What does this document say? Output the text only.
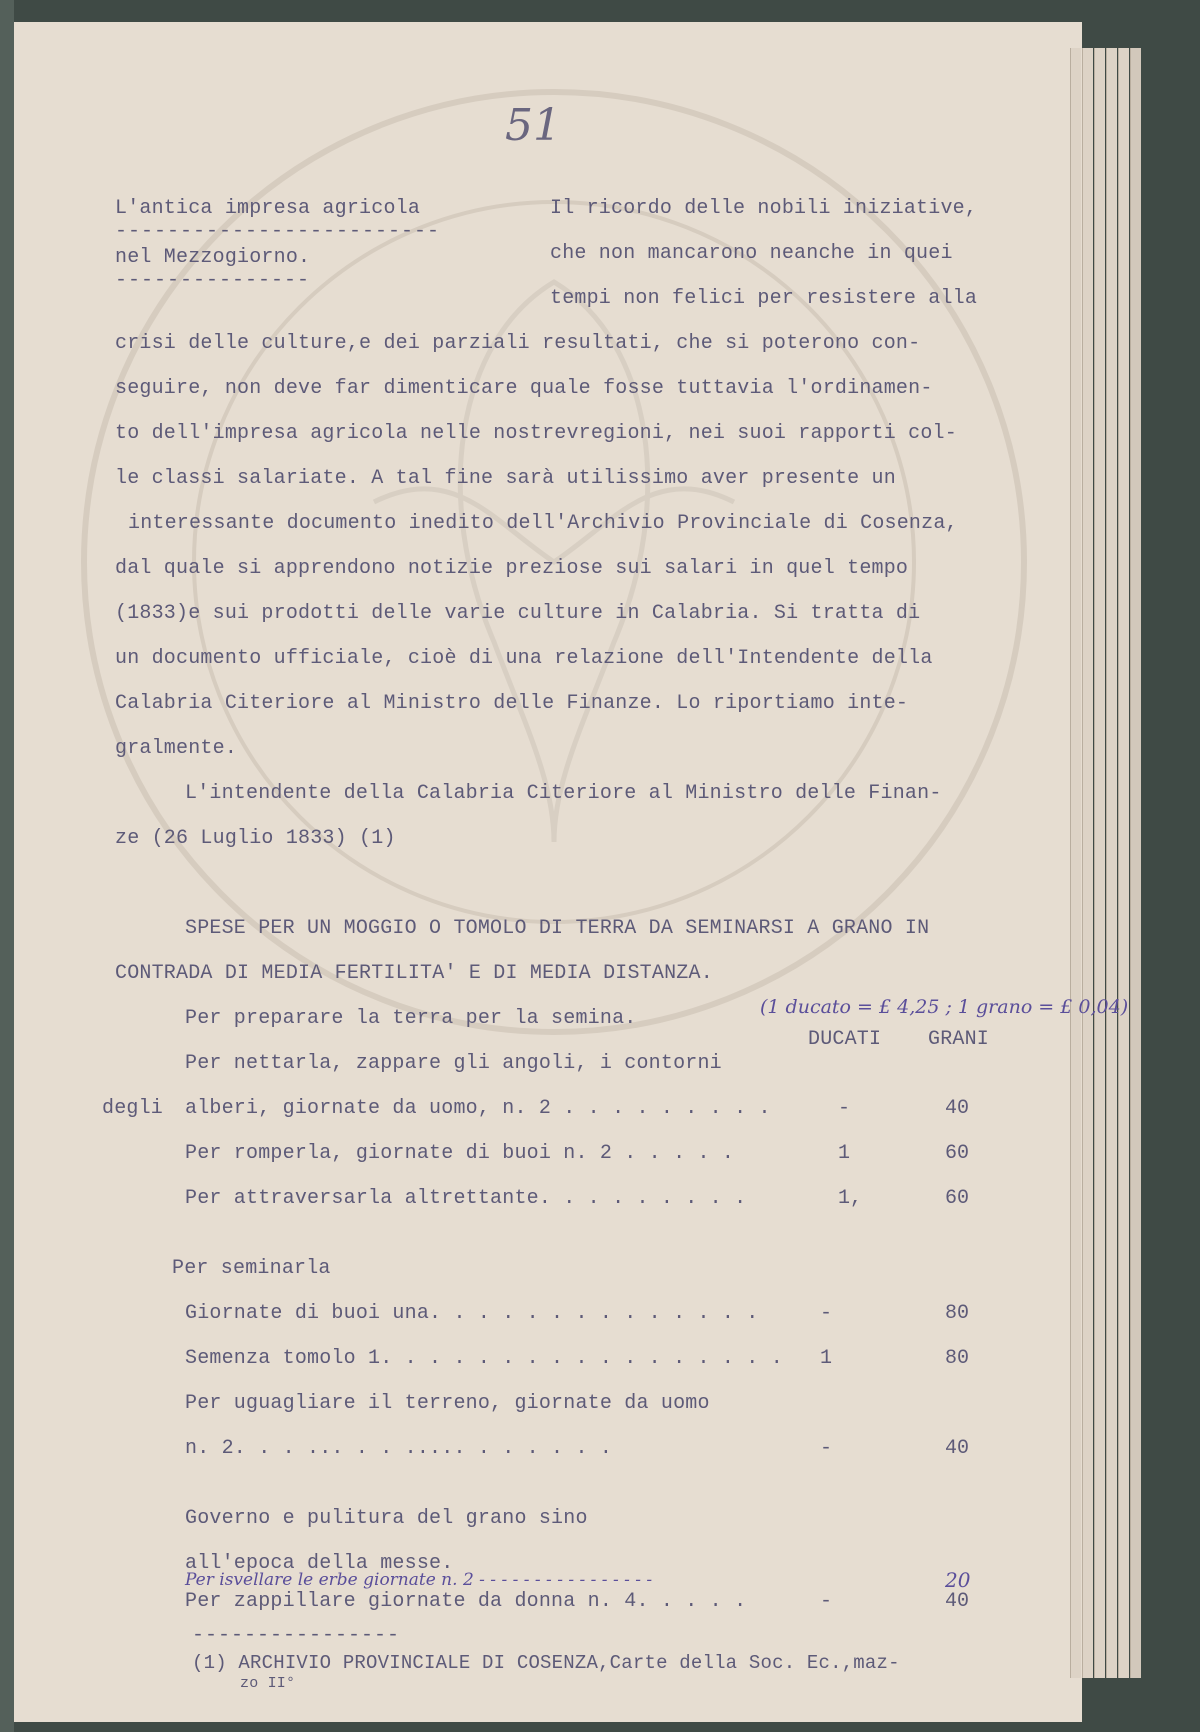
51
L'antica impresa agricola
-------------------------
nel Mezzogiorno.
---------------
Il ricordo delle nobili iniziative,
che non mancarono neanche in quei
tempi non felici per resistere alla
crisi delle culture,e dei parziali resultati, che si poterono con-
seguire, non deve far dimenticare quale fosse tuttavia l'ordinamen-
to dell'impresa agricola nelle nostrevregioni, nei suoi rapporti col-
le classi salariate. A tal fine sarà utilissimo aver presente un
interessante documento inedito dell'Archivio Provinciale di Cosenza,
dal quale si apprendono notizie preziose sui salari in quel tempo
(1833)e sui prodotti delle varie culture in Calabria. Si tratta di
un documento ufficiale, cioè di una relazione dell'Intendente della
Calabria Citeriore al Ministro delle Finanze. Lo riportiamo inte-
gralmente.
L'intendente della Calabria Citeriore al Ministro delle Finan-
ze (26 Luglio 1833) (1)
SPESE PER UN MOGGIO O TOMOLO DI TERRA DA SEMINARSI A GRANO IN
CONTRADA DI MEDIA FERTILITA' E DI MEDIA DISTANZA.
(1 ducato = £ 4,25 ; 1 grano = £ 0,04)
Per preparare la terra per la semina.
DUCATI GRANI
Per nettarla, zappare gli angoli, i contorni
degli alberi, giornate da uomo, n. 2 . . . . . . . . .	-	40
Per romperla, giornate di buoi n. 2 . . . . .	1	60
Per attraversarla altrettante. . . . . . . . .	1,	60
Per seminarla
Giornate di buoi una. . . . . . . . . . . . . .	-	80
Semenza tomolo 1. . . . . . . . . . . . . . . . . 1	80
Per uguagliare il terreno, giornate da uomo
n. 2. . . ... . . ..... . . . . . .	-	40
Governo e pulitura del grano sino
all'epoca della messe.
Per isvellare le erbe giornate n. 2 - - - - - - - - - - - - - - - -	20
Per zappillare giornate da donna n. 4. . . . .	-	40
----------------
(1) ARCHIVIO PROVINCIALE DI COSENZA,Carte della Soc. Ec.,maz-
zo II°
